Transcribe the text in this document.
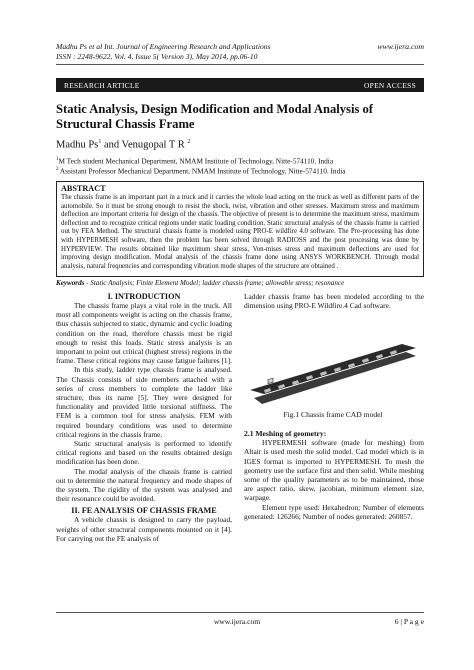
Madhu Ps et al Int. Journal of Engineering Research and Applications
ISSN : 2248-9622, Vol. 4, Issue 5( Version 3), May 2014, pp.06-10
www.ijera.com
RESEARCH ARTICLE	OPEN ACCESS
Static Analysis, Design Modification and Modal Analysis of Structural Chassis Frame
Madhu Ps$^1$ and Venugopal T R $^2$
$^1$M Tech student Mechanical Department, NMAM Institute of Technology, Nitte-574110. India
$^2$ Assistant Professor Mechanical Department, NMAM Institute of Technology, Nitte-574110. India
ABSTRACT
The chassis frame is an important part in a truck and it carries the whole load acting on the truck as well as different parts of the automobile. So it must be strong enough to resist the shock, twist, vibration and other stresses. Maximum stress and maximum deflection are important criteria for design of the chassis. The objective of present is to determine the maximum stress, maximum deflection and to recognize critical regions under static loading condition. Static structural analysis of the chassis frame is carried out by FEA Method. The structural chassis frame is modeled using PRO-E wildfire 4.0 software. The Pre-processing has done with HYPERMESH software, then the problem has been solved through RADIOSS and the post processing was done by HYPERVIEW. The results obtained like maximum shear stress, Von-mises stress and maximum deflections are used for improving design modification. Modal analysis of the chassis frame done using ANSYS WORKBENCH. Through modal analysis, natural frequencies and corresponding vibration mode shapes of the structure are obtained .
Keywords - Static Analysis; Finite Element Model; ladder chassis frame; allowable stress; resonance
I. INTRODUCTION

The chassis frame plays a vital role in the truck. All most all components weight is acting on the chassis frame, thus chassis subjected to static, dynamic and cyclic loading condition on the road, therefore chassis must be rigid enough to resist this loads. Static stress analysis is an important to point out critical (highest stress) regions in the frame. These critical regions may cause fatigue failures [1].

In this study, ladder type chassis frame is analysed. The Chassis consists of side members attached with a series of cross members to complete the ladder like structure, thus its name [5]. They were designed for functionality and provided little torsional stiffness. The FEM is a common tool for stress analysis. FEM with required boundary conditions was used to determine critical regions in the chassis frame.

Static structural analysis is performed to identify critical regions and based on the results obtained design modification has been done.

The modal analysis of the chassis frame is carried out to determine the natural frequency and mode shapes of the system. The rigidity of the system was analysed and their resonance could be avoided.

II. FE ANALYSIS OF CHASSIS FRAME

A vehicle chassis is designed to carry the payload, weights of other structural components mounted on it [4]. For carrying out the FE analysis of

Ladder chassis frame has been modeled according to the dimension using PRO-E Wildfire.4 Cad software.

Fig.1 Chassis frame CAD model
2.1 Meshing of geometry:

HYPERMESH software (made for meshing) from Altair is used mesh the solid model. Cad model which is in IGES format is imported to HYPERMESH. To mesh the geometry use the surface first and then solid. While meshing some of the quality parameters as to be maintained, those are aspect ratio, skew, jacobian, minimum element size, warpage.

Element type used: Hexahedron; Number of elements generated: 126266; Number of nodes generated: 260857.

www.ijera.com	6 | P a g e
